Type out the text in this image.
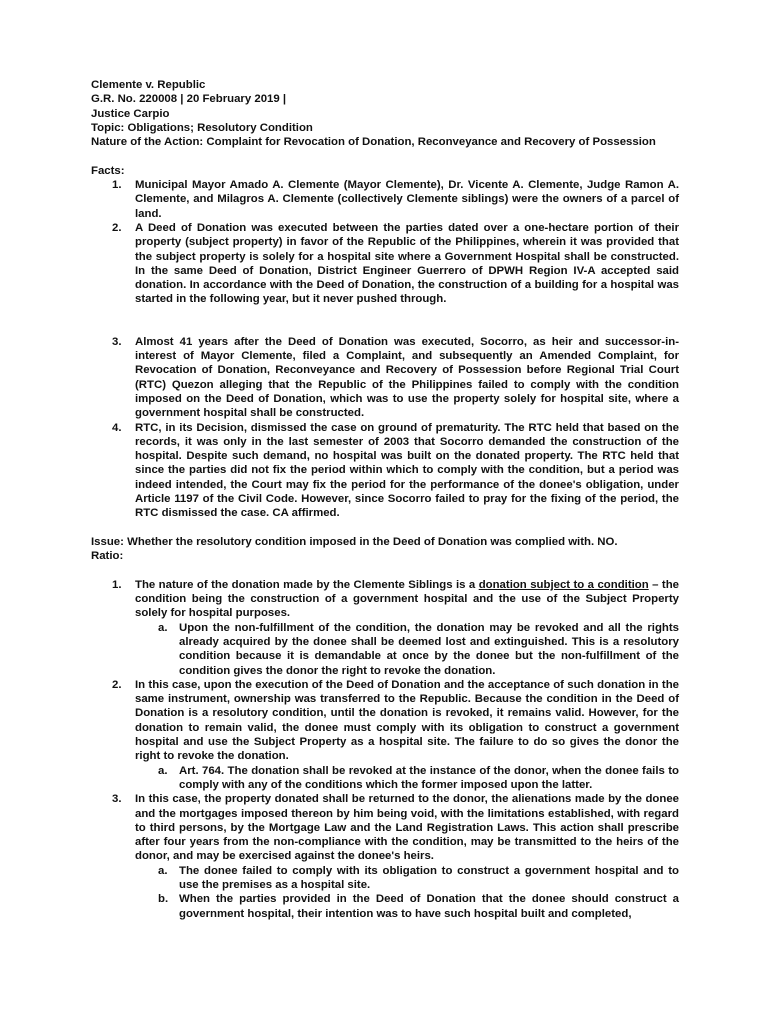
Clemente v. Republic
G.R. No. 220008 | 20 February 2019 |
Justice Carpio
Topic: Obligations; Resolutory Condition
Nature of the Action: Complaint for Revocation of Donation, Reconveyance and Recovery of Possession
Facts:
1. Municipal Mayor Amado A. Clemente (Mayor Clemente), Dr. Vicente A. Clemente, Judge Ramon A. Clemente, and Milagros A. Clemente (collectively Clemente siblings) were the owners of a parcel of land.
2. A Deed of Donation was executed between the parties dated over a one-hectare portion of their property (subject property) in favor of the Republic of the Philippines, wherein it was provided that the subject property is solely for a hospital site where a Government Hospital shall be constructed. In the same Deed of Donation, District Engineer Guerrero of DPWH Region IV-A accepted said donation. In accordance with the Deed of Donation, the construction of a building for a hospital was started in the following year, but it never pushed through.
3. Almost 41 years after the Deed of Donation was executed, Socorro, as heir and successor-in-interest of Mayor Clemente, filed a Complaint, and subsequently an Amended Complaint, for Revocation of Donation, Reconveyance and Recovery of Possession before Regional Trial Court (RTC) Quezon alleging that the Republic of the Philippines failed to comply with the condition imposed on the Deed of Donation, which was to use the property solely for hospital site, where a government hospital shall be constructed.
4. RTC, in its Decision, dismissed the case on ground of prematurity. The RTC held that based on the records, it was only in the last semester of 2003 that Socorro demanded the construction of the hospital. Despite such demand, no hospital was built on the donated property. The RTC held that since the parties did not fix the period within which to comply with the condition, but a period was indeed intended, the Court may fix the period for the performance of the donee's obligation, under Article 1197 of the Civil Code. However, since Socorro failed to pray for the fixing of the period, the RTC dismissed the case. CA affirmed.
Issue: Whether the resolutory condition imposed in the Deed of Donation was complied with. NO.
Ratio:
1. The nature of the donation made by the Clemente Siblings is a donation subject to a condition – the condition being the construction of a government hospital and the use of the Subject Property solely for hospital purposes.
a. Upon the non-fulfillment of the condition, the donation may be revoked and all the rights already acquired by the donee shall be deemed lost and extinguished. This is a resolutory condition because it is demandable at once by the donee but the non-fulfillment of the condition gives the donor the right to revoke the donation.
2. In this case, upon the execution of the Deed of Donation and the acceptance of such donation in the same instrument, ownership was transferred to the Republic. Because the condition in the Deed of Donation is a resolutory condition, until the donation is revoked, it remains valid. However, for the donation to remain valid, the donee must comply with its obligation to construct a government hospital and use the Subject Property as a hospital site. The failure to do so gives the donor the right to revoke the donation.
a. Art. 764. The donation shall be revoked at the instance of the donor, when the donee fails to comply with any of the conditions which the former imposed upon the latter.
3. In this case, the property donated shall be returned to the donor, the alienations made by the donee and the mortgages imposed thereon by him being void, with the limitations established, with regard to third persons, by the Mortgage Law and the Land Registration Laws. This action shall prescribe after four years from the non-compliance with the condition, may be transmitted to the heirs of the donor, and may be exercised against the donee's heirs.
a. The donee failed to comply with its obligation to construct a government hospital and to use the premises as a hospital site.
b. When the parties provided in the Deed of Donation that the donee should construct a government hospital, their intention was to have such hospital built and completed,
